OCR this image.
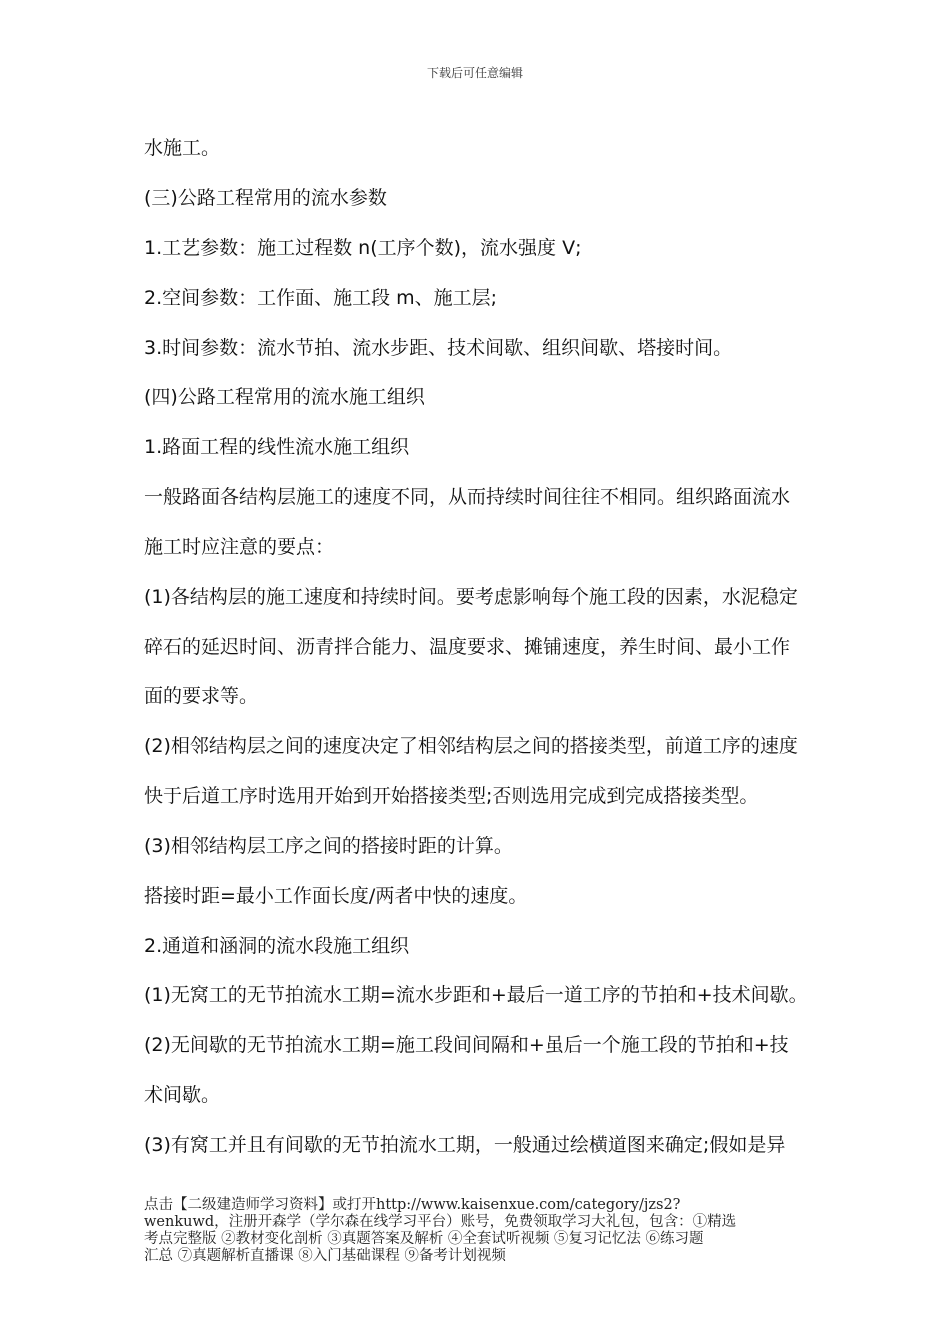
下载后可任意编辑
水施工。
(三)公路工程常用的流水参数
1.工艺参数：施工过程数 n(工序个数)，流水强度 V;
2.空间参数：工作面、施工段 m、施工层;
3.时间参数：流水节拍、流水步距、技术间歇、组织间歇、塔接时间。
(四)公路工程常用的流水施工组织
1.路面工程的线性流水施工组织
一般路面各结构层施工的速度不同，从而持续时间往往不相同。组织路面流水
施工时应注意的要点：
(1)各结构层的施工速度和持续时间。要考虑影响每个施工段的因素，水泥稳定
碎石的延迟时间、沥青拌合能力、温度要求、摊铺速度，养生时间、最小工作
面的要求等。
(2)相邻结构层之间的速度决定了相邻结构层之间的搭接类型，前道工序的速度
快于后道工序时选用开始到开始搭接类型;否则选用完成到完成搭接类型。
(3)相邻结构层工序之间的搭接时距的计算。
搭接时距=最小工作面长度/两者中快的速度。
2.通道和涵洞的流水段施工组织
(1)无窝工的无节拍流水工期=流水步距和+最后一道工序的节拍和+技术间歇。
(2)无间歇的无节拍流水工期=施工段间间隔和+虽后一个施工段的节拍和+技
术间歇。
(3)有窝工并且有间歇的无节拍流水工期，一般通过绘横道图来确定;假如是异
点击【二级建造师学习资料】或打开http://www.kaisenxue.com/category/jzs2?
wenkuwd，注册开森学（学尔森在线学习平台）账号，免费领取学习大礼包，包含：①精选
考点完整版 ②教材变化剖析 ③真题答案及解析 ④全套试听视频 ⑤复习记忆法 ⑥练习题
汇总 ⑦真题解析直播课 ⑧入门基础课程 ⑨备考计划视频
